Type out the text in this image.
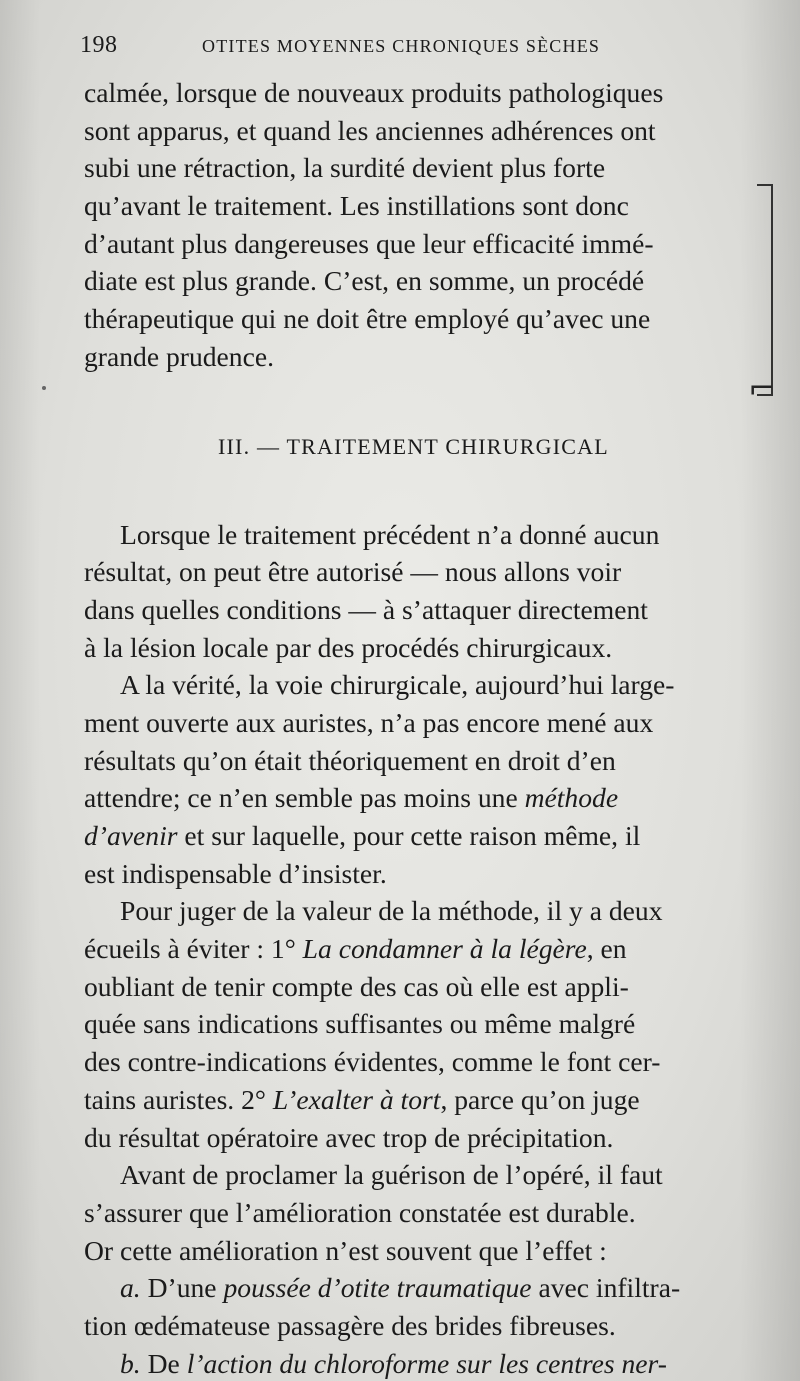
198	OTITES MOYENNES CHRONIQUES SÈCHES
⌐
calmée, lorsque de nouveaux produits pathologiques
sont apparus, et quand les anciennes adhérences ont
subi une rétraction, la surdité devient plus forte
qu’avant le traitement. Les instillations sont donc
d’autant plus dangereuses que leur efficacité immé-
diate est plus grande. C’est, en somme, un procédé
thérapeutique qui ne doit être employé qu’avec une
grande prudence.
III. — TRAITEMENT CHIRURGICAL
Lorsque le traitement précédent n’a donné aucun
résultat, on peut être autorisé — nous allons voir
dans quelles conditions — à s’attaquer directement
à la lésion locale par des procédés chirurgicaux.
A la vérité, la voie chirurgicale, aujourd’hui large-
ment ouverte aux auristes, n’a pas encore mené aux
résultats qu’on était théoriquement en droit d’en
attendre; ce n’en semble pas moins une méthode
d’avenir et sur laquelle, pour cette raison même, il
est indispensable d’insister.
Pour juger de la valeur de la méthode, il y a deux
écueils à éviter : 1° La condamner à la légère, en
oubliant de tenir compte des cas où elle est appli-
quée sans indications suffisantes ou même malgré
des contre-indications évidentes, comme le font cer-
tains auristes. 2° L’exalter à tort, parce qu’on juge
du résultat opératoire avec trop de précipitation.
Avant de proclamer la guérison de l’opéré, il faut
s’assurer que l’amélioration constatée est durable.
Or cette amélioration n’est souvent que l’effet :
a. D’une poussée d’otite traumatique avec infiltra-
tion œdémateuse passagère des brides fibreuses.
b. De l’action du chloroforme sur les centres ner-
